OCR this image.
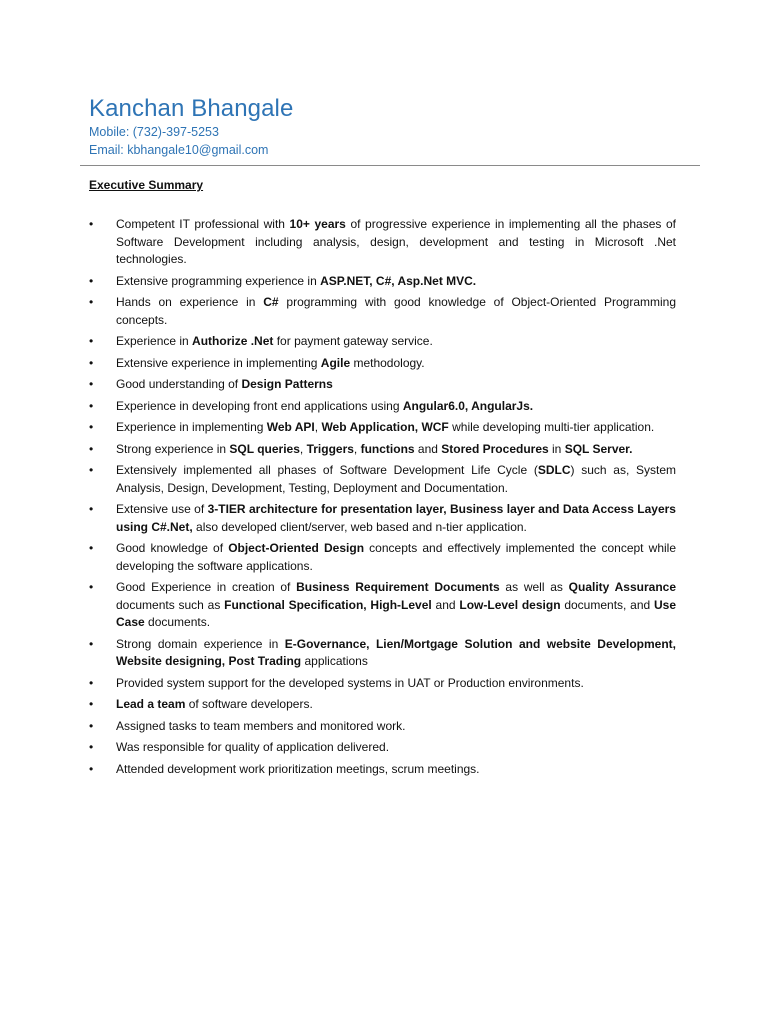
Kanchan Bhangale

Mobile: (732)-397-5253

Email: kbhangale10@gmail.com

Executive Summary
• Competent IT professional with 10+ years of progressive experience in implementing all the phases of Software Development including analysis, design, development and testing in Microsoft .Net technologies.
• Extensive programming experience in ASP.NET, C#, Asp.Net MVC.
• Hands on experience in C# programming with good knowledge of Object-Oriented Programming concepts.
• Experience in Authorize .Net for payment gateway service.
• Extensive experience in implementing Agile methodology.
• Good understanding of Design Patterns
• Experience in developing front end applications using Angular6.0, AngularJs.
• Experience in implementing Web API, Web Application, WCF while developing multi-tier application.
• Strong experience in SQL queries, Triggers, functions and Stored Procedures in SQL Server.
• Extensively implemented all phases of Software Development Life Cycle (SDLC) such as, System Analysis, Design, Development, Testing, Deployment and Documentation.
• Extensive use of 3-TIER architecture for presentation layer, Business layer and Data Access Layers using C#.Net, also developed client/server, web based and n-tier application.
• Good knowledge of Object-Oriented Design concepts and effectively implemented the concept while developing the software applications.
• Good Experience in creation of Business Requirement Documents as well as Quality Assurance documents such as Functional Specification, High-Level and Low-Level design documents, and Use Case documents.
• Strong domain experience in E-Governance, Lien/Mortgage Solution and website Development, Website designing, Post Trading applications
• Provided system support for the developed systems in UAT or Production environments.
• Lead a team of software developers.
• Assigned tasks to team members and monitored work.
• Was responsible for quality of application delivered.
• Attended development work prioritization meetings, scrum meetings.
